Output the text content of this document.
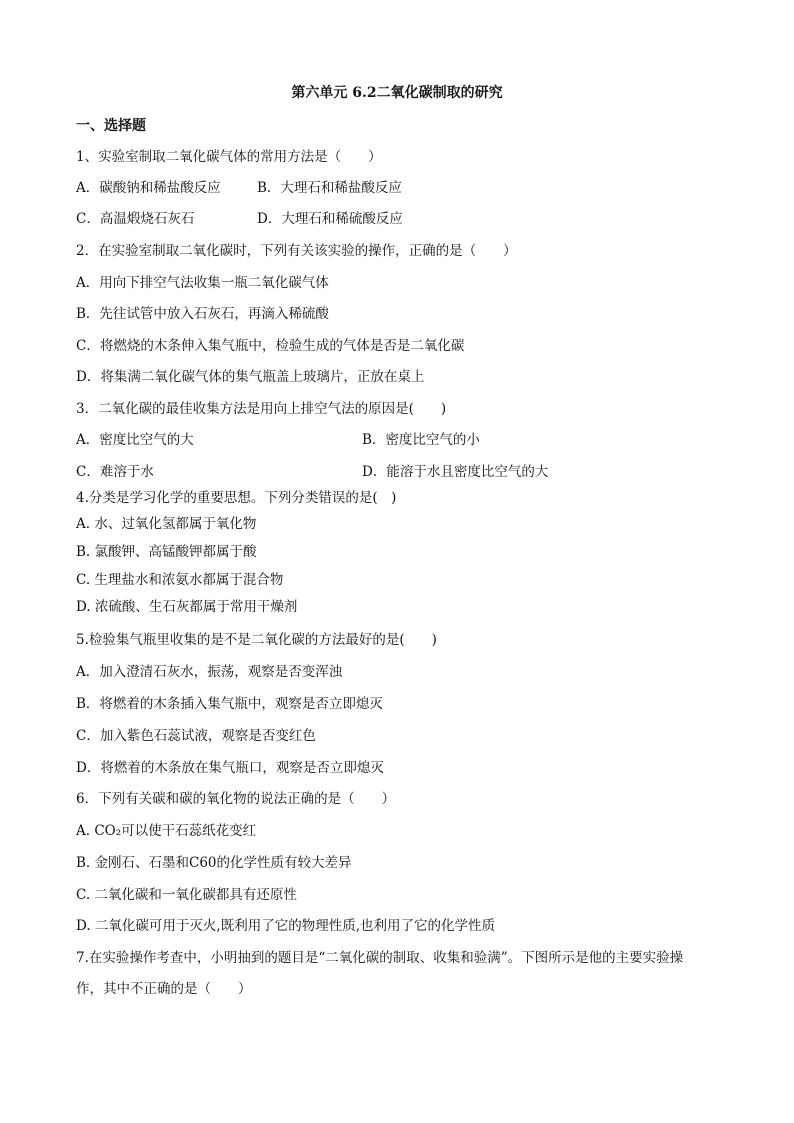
第六单元 6.2二氧化碳制取的研究
一、选择题
1、实验室制取二氧化碳气体的常用方法是（　　）
A．碳酸钠和稀盐酸反应	B．大理石和稀盐酸反应
C．高温煅烧石灰石	D．大理石和稀硫酸反应
2．在实验室制取二氧化碳时，下列有关该实验的操作，正确的是（　　）
A．用向下排空气法收集一瓶二氧化碳气体
B．先往试管中放入石灰石，再滴入稀硫酸
C．将燃烧的木条伸入集气瓶中，检验生成的气体是否是二氧化碳
D．将集满二氧化碳气体的集气瓶盖上玻璃片，正放在桌上
3．二氧化碳的最佳收集方法是用向上排空气法的原因是(　　)
A．密度比空气的大	B．密度比空气的小
C．难溶于水	D．能溶于水且密度比空气的大
4.分类是学习化学的重要思想。下列分类错误的是(　)
A. 水、过氧化氢都属于氧化物
B. 氯酸钾、高锰酸钾都属于酸
C. 生理盐水和浓氨水都属于混合物
D. 浓硫酸、生石灰都属于常用干燥剂
5.检验集气瓶里收集的是不是二氧化碳的方法最好的是(　　)
A．加入澄清石灰水，振荡，观察是否变浑浊
B．将燃着的木条插入集气瓶中，观察是否立即熄灭
C．加入紫色石蕊试液，观察是否变红色
D．将燃着的木条放在集气瓶口，观察是否立即熄灭
6．下列有关碳和碳的氧化物的说法正确的是（　　）
A. CO₂可以使干石蕊纸花变红
B. 金刚石、石墨和C60的化学性质有较大差异
C. 二氧化碳和一氧化碳都具有还原性
D. 二氧化碳可用于灭火,既利用了它的物理性质,也利用了它的化学性质
7.在实验操作考查中，小明抽到的题目是“二氧化碳的制取、收集和验满”。下图所示是他的主要实验操
作，其中不正确的是（　　）
